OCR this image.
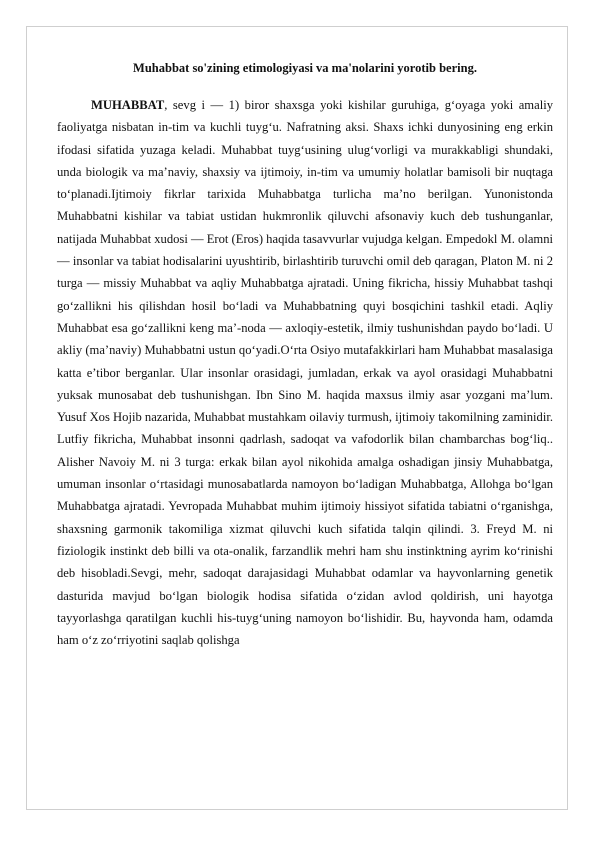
Muhabbat so'zining etimologiyasi va ma'nolarini yorotib bering.

MUHABBAT, sevg i — 1) biror shaxsga yoki kishilar guruhiga, g‘oyaga yoki amaliy faoliyatga nisbatan in-tim va kuchli tuyg‘u. Nafratning aksi. Shaxs ichki dunyosining eng erkin ifodasi sifatida yuzaga keladi. Muhabbat tuyg‘usining ulug‘vorligi va murakkabligi shundaki, unda biologik va ma’naviy, shaxsiy va ijtimoiy, in-tim va umumiy holatlar bamisoli bir nuqtaga to‘planadi.Ijtimoiy fikrlar tarixida Muhabbatga turlicha ma’no berilgan. Yunonistonda Muhabbatni kishilar va tabiat ustidan hukmronlik qiluvchi afsonaviy kuch deb tushunganlar, natijada Muhabbat xudosi — Erot (Eros) haqida tasavvurlar vujudga kelgan. Empedokl M. olamni — insonlar va tabiat hodisalarini uyushtirib, birlashtirib turuvchi omil deb qaragan, Platon M. ni 2 turga — missiy Muhabbat va aqliy Muhabbatga ajratadi. Uning fikricha, hissiy Muhabbat tashqi go‘zallikni his qilishdan hosil bo‘ladi va Muhabbatning quyi bosqichini tashkil etadi. Aqliy Muhabbat esa go‘zallikni keng ma’-noda — axloqiy-estetik, ilmiy tushunishdan paydo bo‘ladi. U akliy (ma’naviy) Muhabbatni ustun qo‘yadi.O‘rta Osiyo mutafakkirlari ham Muhabbat masalasiga katta e’tibor berganlar. Ular insonlar orasidagi, jumladan, erkak va ayol orasidagi Muhabbatni yuksak munosabat deb tushunishgan. Ibn Sino M. haqida maxsus ilmiy asar yozgani ma’lum. Yusuf Xos Hojib nazarida, Muhabbat mustahkam oilaviy turmush, ijtimoiy takomilning zaminidir. Lutfiy fikricha, Muhabbat insonni qadrlash, sadoqat va vafodorlik bilan chambarchas bog‘liq.. Alisher Navoiy M. ni 3 turga: erkak bilan ayol nikohida amalga oshadigan jinsiy Muhabbatga, umuman insonlar o‘rtasidagi munosabatlarda namoyon bo‘ladigan Muhabbatga, Allohga bo‘lgan Muhabbatga ajratadi. Yevropada Muhabbat muhim ijtimoiy hissiyot sifatida tabiatni o‘rganishga, shaxsning garmonik takomiliga xizmat qiluvchi kuch sifatida talqin qilindi. 3. Freyd M. ni fiziologik instinkt deb billi va ota-onalik, farzandlik mehri ham shu instinktning ayrim ko‘rinishi deb hisobladi.Sevgi, mehr, sadoqat darajasidagi Muhabbat odamlar va hayvonlarning genetik dasturida mavjud bo‘lgan biologik hodisa sifatida o‘zidan avlod qoldirish, uni hayotga tayyorlashga qaratilgan kuchli his-tuyg‘uning namoyon bo‘lishidir. Bu, hayvonda ham, odamda ham o‘z zo‘rriyotini saqlab qolishga
